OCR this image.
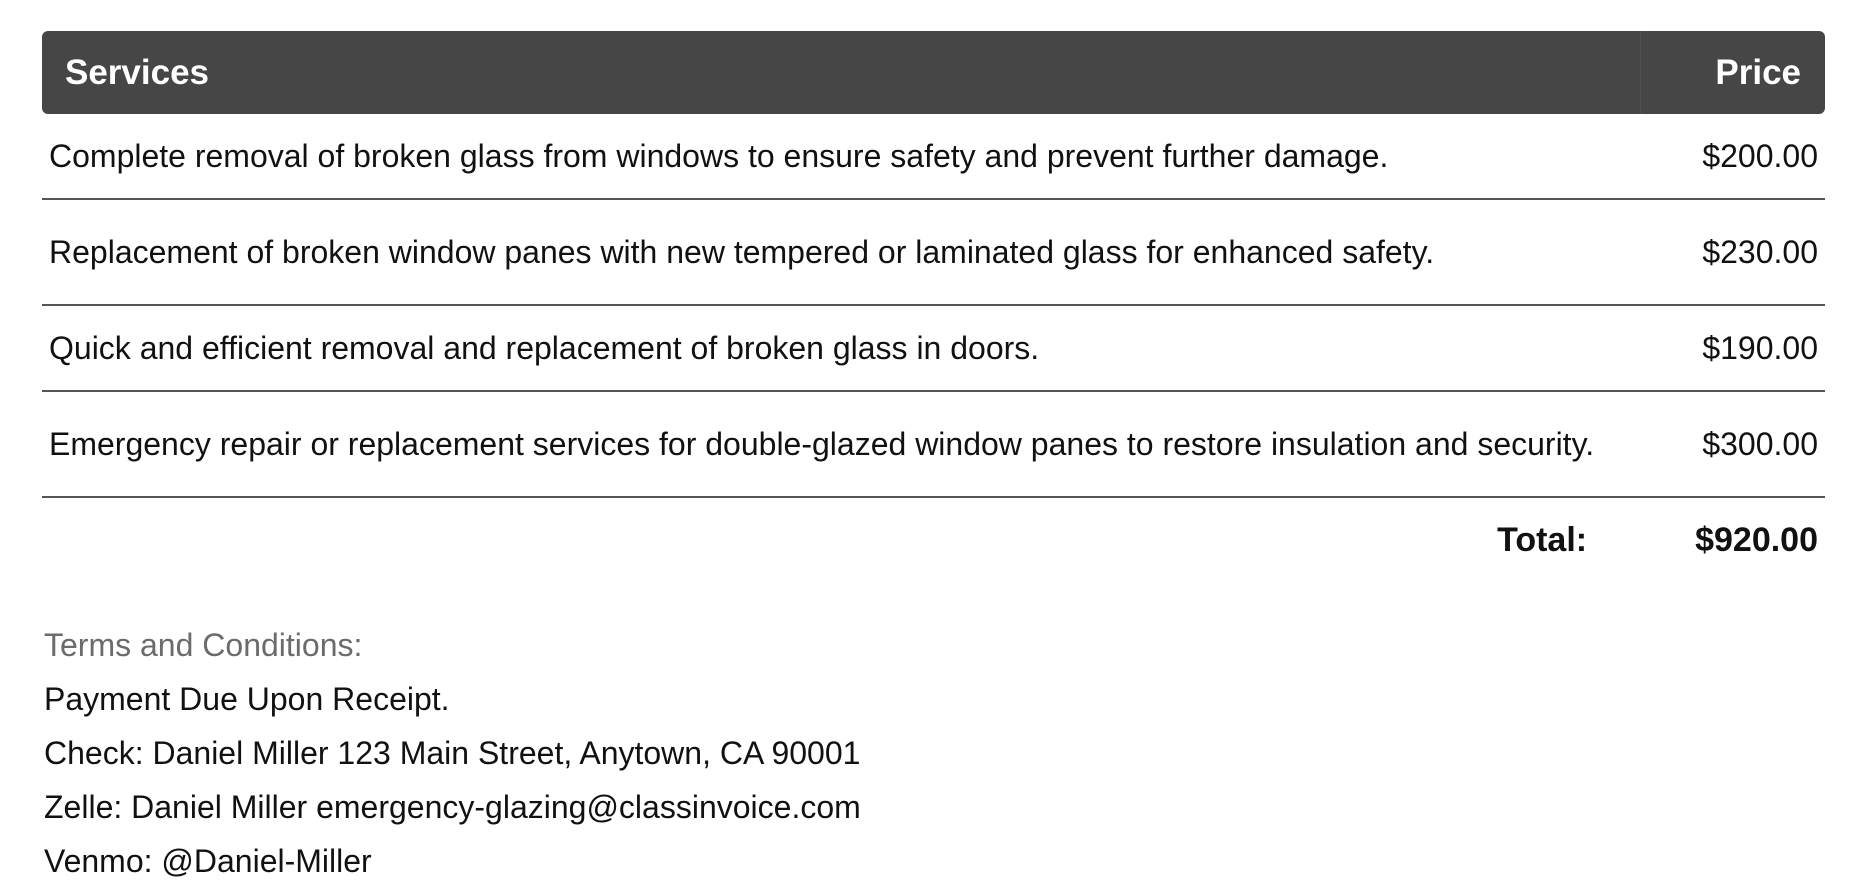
Services	Price
Complete removal of broken glass from windows to ensure safety and prevent further damage.	$200.00
Replacement of broken window panes with new tempered or laminated glass for enhanced safety.	$230.00
Quick and efficient removal and replacement of broken glass in doors.	$190.00
Emergency repair or replacement services for double-glazed window panes to restore insulation and security.	$300.00
Total:	$920.00
Terms and Conditions:
Payment Due Upon Receipt.
Check: Daniel Miller 123 Main Street, Anytown, CA 90001
Zelle: Daniel Miller emergency-glazing@classinvoice.com
Venmo: @Daniel-Miller
